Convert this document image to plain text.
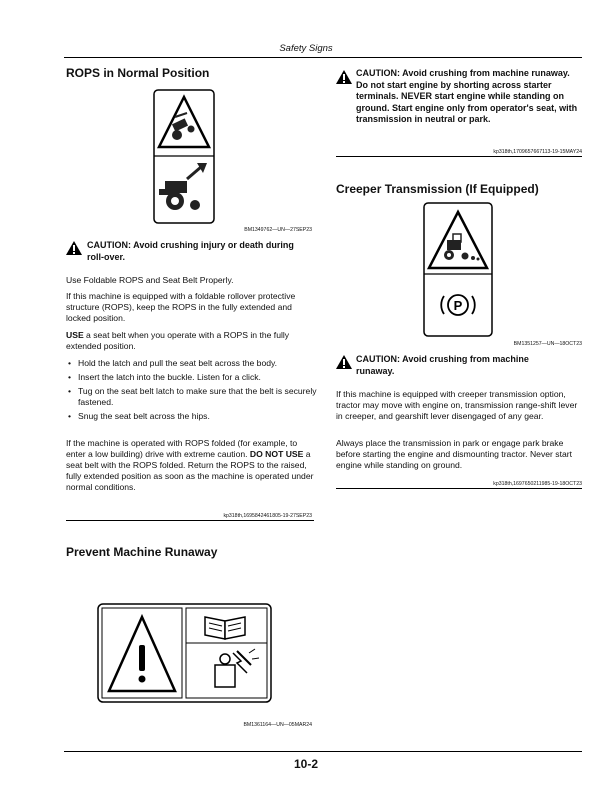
Safety Signs
ROPS in Normal Position
BM1349762—UN—27SEP23
CAUTION: Avoid crushing injury or death during roll-over.
Use Foldable ROPS and Seat Belt Properly.
If this machine is equipped with a foldable rollover protective structure (ROPS), keep the ROPS in the fully extended and locked position.
USE a seat belt when you operate with a ROPS in the fully extended position.
• Hold the latch and pull the seat belt across the body.
• Insert the latch into the buckle. Listen for a click.
• Tug on the seat belt latch to make sure that the belt is securely fastened.
• Snug the seat belt across the hips.
If the machine is operated with ROPS folded (for example, to enter a low building) drive with extreme caution. DO NOT USE a seat belt with the ROPS folded. Return the ROPS to the raised, fully extended position as soon as the machine is operated under normal conditions.
kp318th,1695842461805-19-27SEP23
Prevent Machine Runaway
BM1361164—UN—05MAR24
CAUTION: Avoid crushing from machine runaway. Do not start engine by shorting across starter terminals. NEVER start engine while standing on ground. Start engine only from operator's seat, with transmission in neutral or park.
kp318th,1709657667113-19-15MAY24
Creeper Transmission (If Equipped)
P
BM1351257—UN—18OCT23
CAUTION: Avoid crushing from machine runaway.
If this machine is equipped with creeper transmission option, tractor may move with engine on, transmission range-shift lever in creeper, and gearshift lever disengaged of any gear.
Always place the transmission in park or engage park brake before starting the engine and dismounting tractor. Never start engine while standing on ground.
kp318th,1697650211985-19-18OCT23
10-2
